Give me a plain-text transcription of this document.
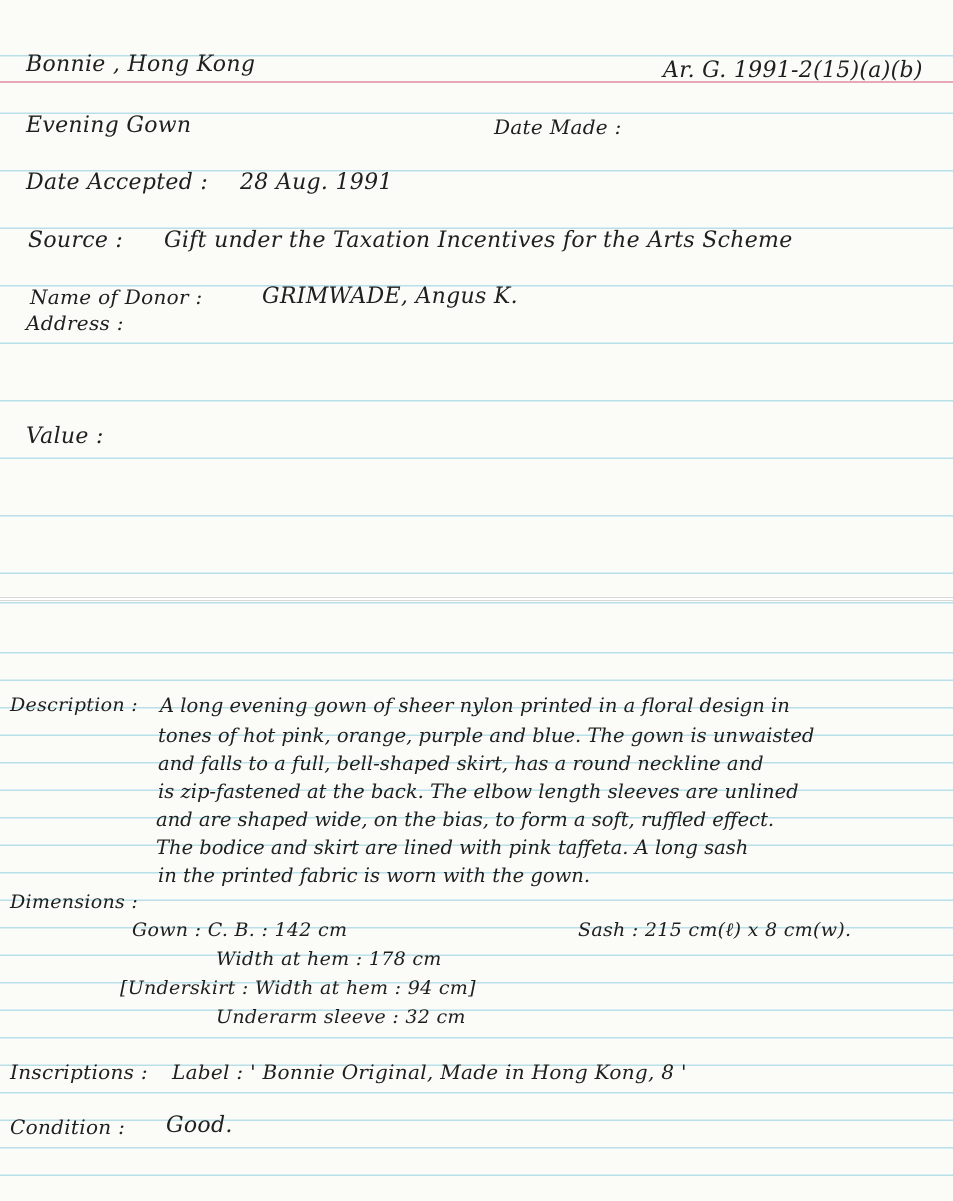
Bonnie , Hong Kong	Ar. G. 1991-2(15)(a)(b)
Evening Gown	Date Made :
Date Accepted : 28 Aug. 1991
Source : Gift under the Taxation Incentives for the Arts Scheme
Name of Donor :	GRIMWADE, Angus K.
Address :
Value :
Description : A long evening gown of sheer nylon printed in a floral design in
tones of hot pink, orange, purple and blue. The gown is unwaisted
and falls to a full, bell-shaped skirt, has a round neckline and
is zip-fastened at the back. The elbow length sleeves are unlined
and are shaped wide, on the bias, to form a soft, ruffled effect.
The bodice and skirt are lined with pink taffeta. A long sash
in the printed fabric is worn with the gown.
Dimensions :
Gown : C. B. : 142 cm	Sash : 215 cm(ℓ) x 8 cm(w).
Width at hem : 178 cm
[Underskirt : Width at hem : 94 cm]
Underarm sleeve : 32 cm
Inscriptions : Label : ' Bonnie Original, Made in Hong Kong, 8 '
Condition : Good.
